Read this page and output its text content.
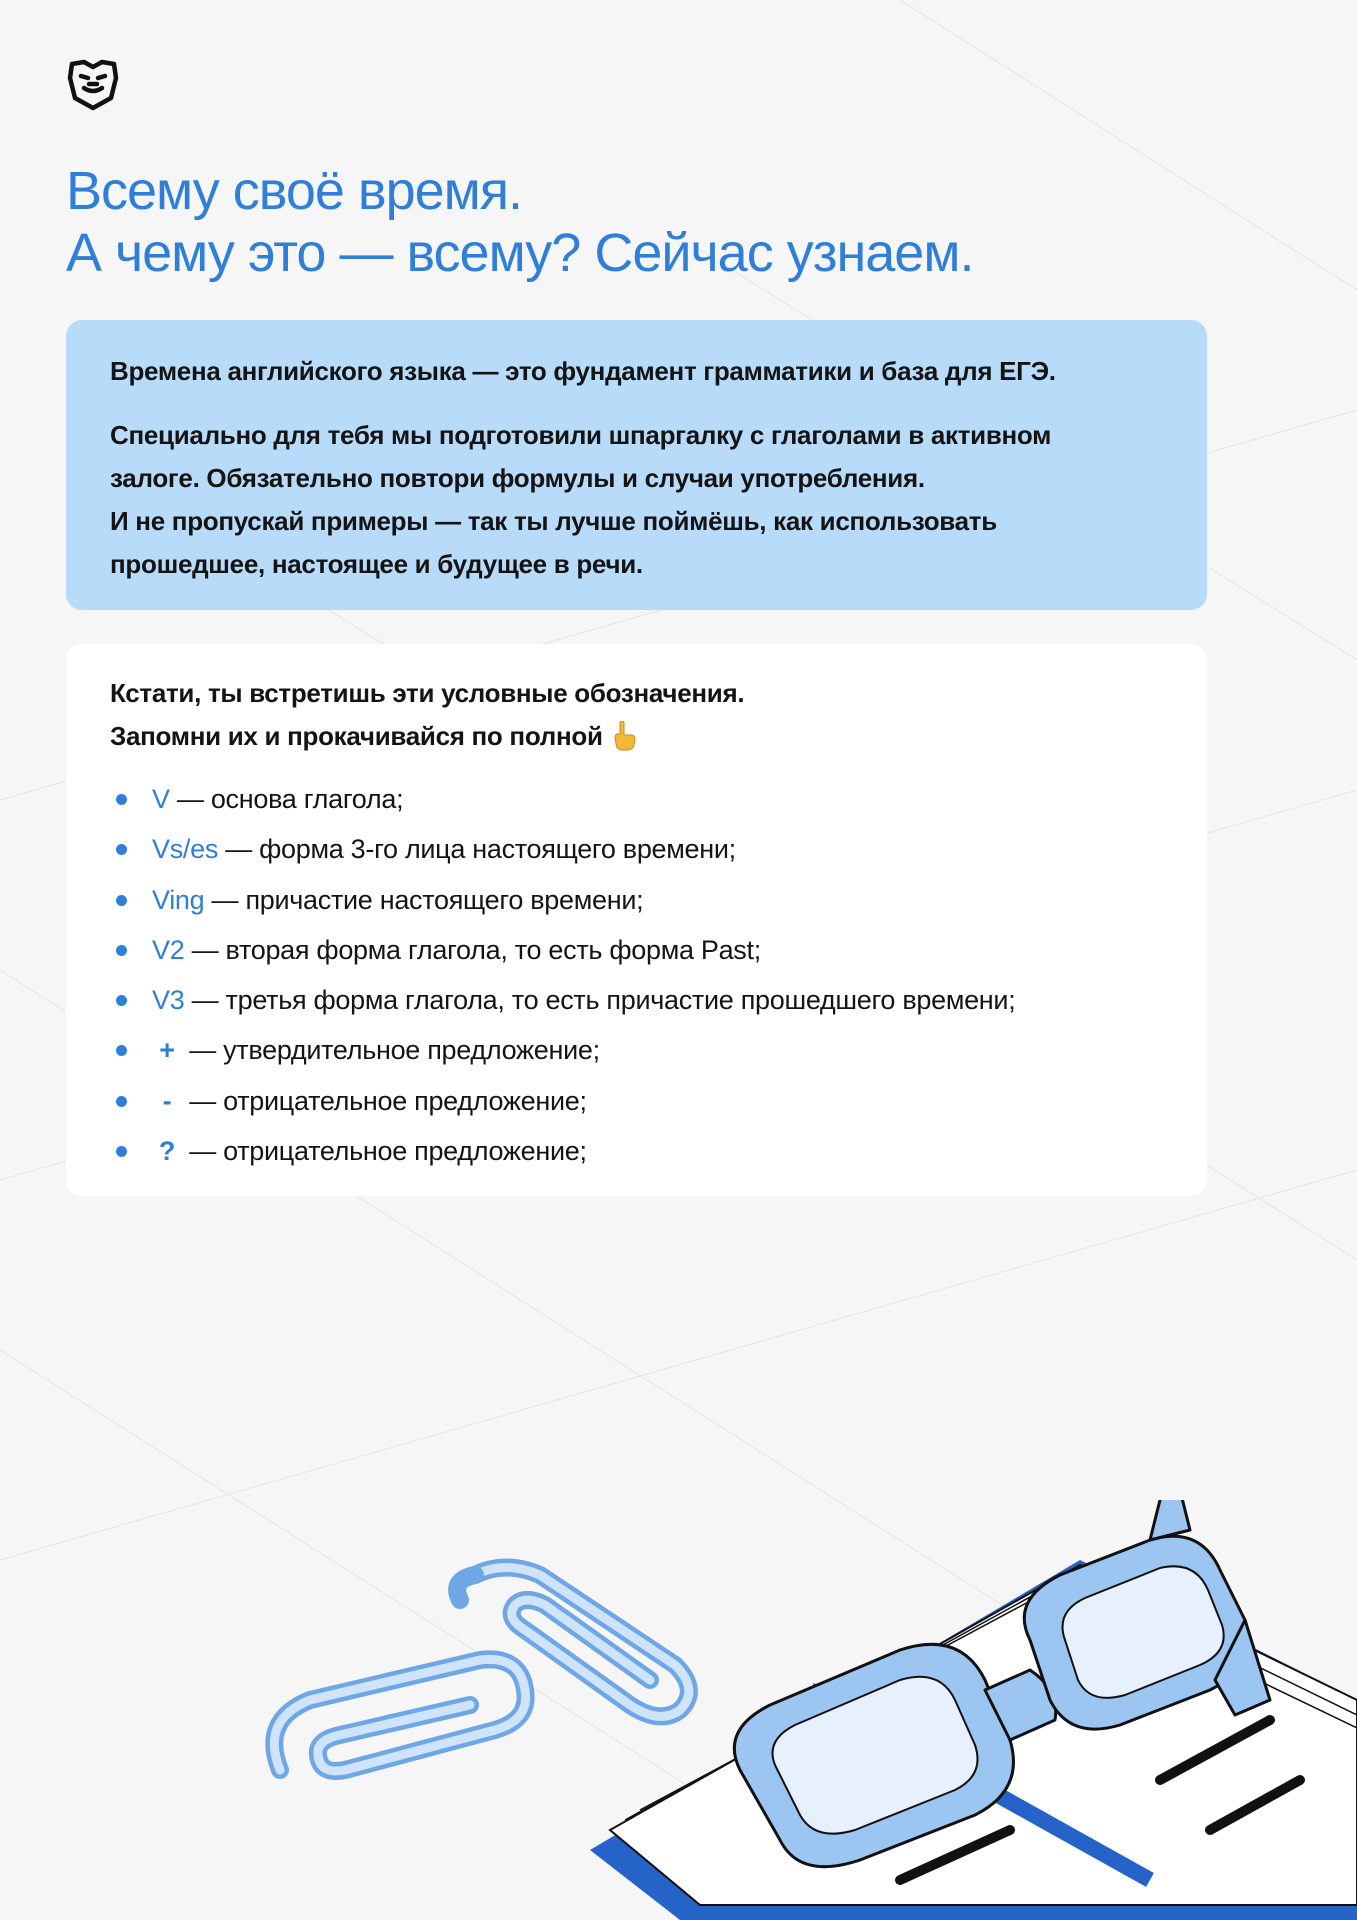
Всему своё время.
А чему это — всему? Сейчас узнаем.

Времена английского языка — это фундамент грамматики и база для ЕГЭ.

Специально для тебя мы подготовили шпаргалку с глаголами в активном
залоге. Обязательно повтори формулы и случаи употребления.
И не пропускай примеры — так ты лучше поймёшь, как использовать
прошедшее, настоящее и будущее в речи.

Кстати, ты встретишь эти условные обозначения.

Запомни их и прокачивайся по полной

V — основа глагола;
Vs/es — форма 3-го лица настоящего времени;
Ving — причастие настоящего времени;
V2 — вторая форма глагола, то есть форма Past;
V3 — третья форма глагола, то есть причастие прошедшего времени;
+ — утвердительное предложение;
- — отрицательное предложение;
? — отрицательное предложение;
